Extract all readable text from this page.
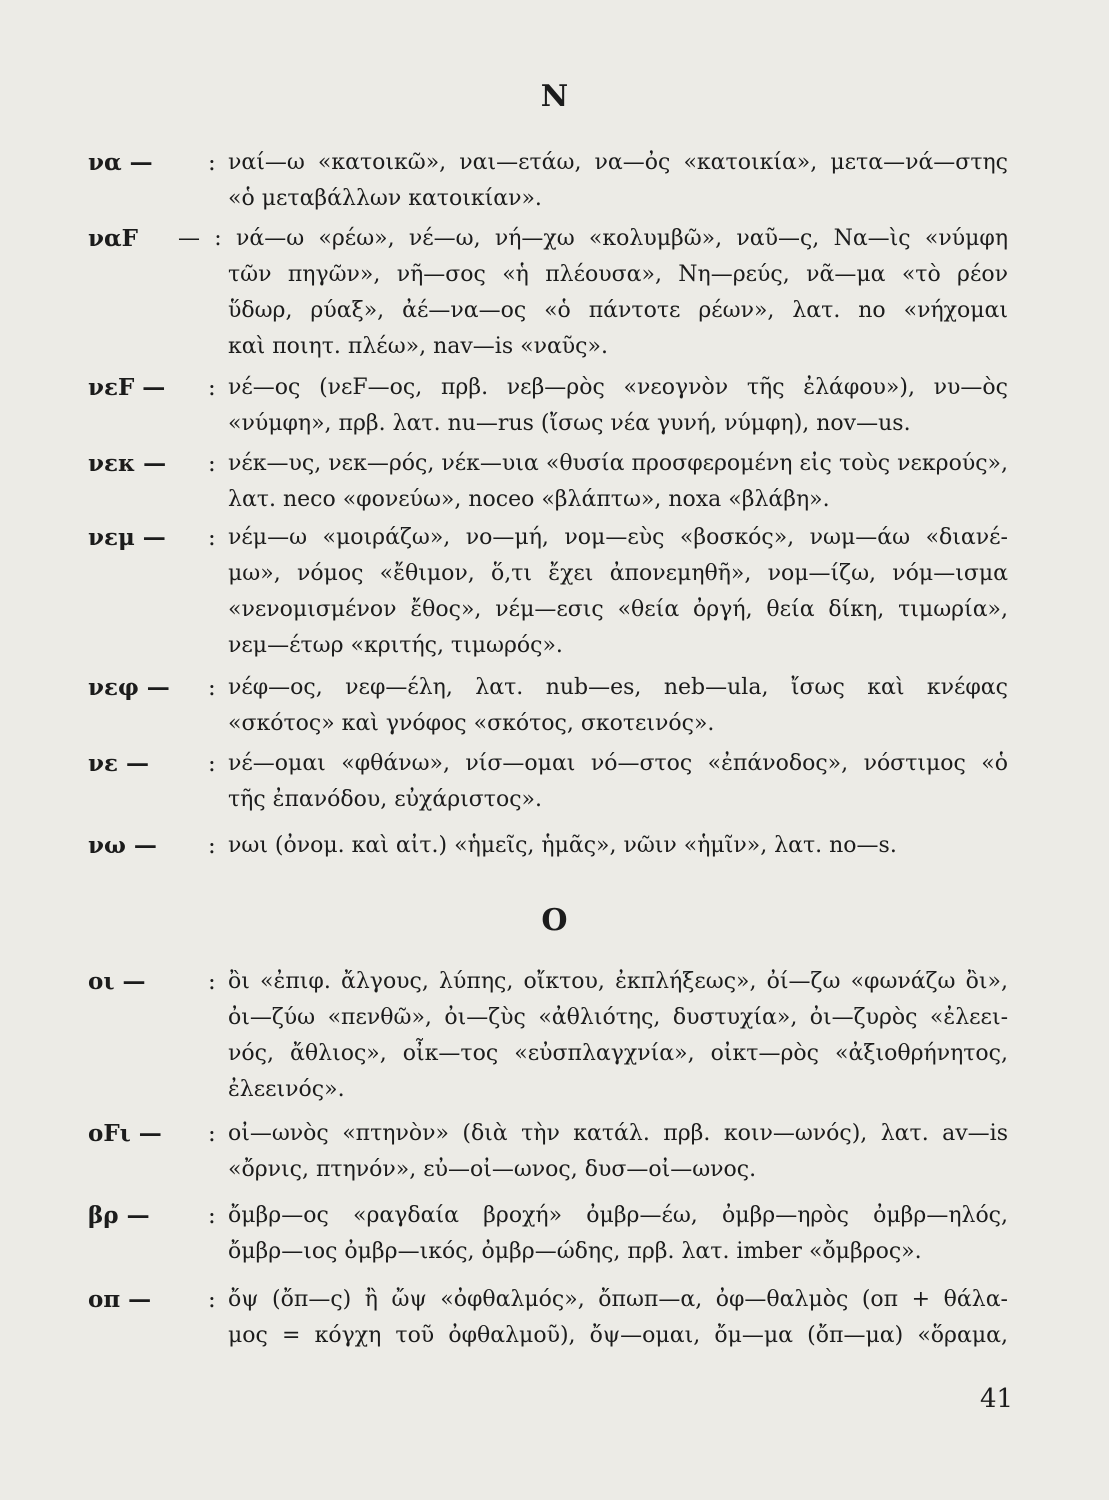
N
να —	: ναί—ω «κατοικῶ», ναι—ετάω, να—ὀς «κατοικία», μετα—νά—στης
«ὁ μεταβάλλων κατοικίαν».
ναF	— : νά—ω «ρέω», νέ—ω, νή—χω «κολυμβῶ», ναῦ—ς, Να—ὶς «νύμφη
τῶν πηγῶν», νῆ—σος «ἡ πλέουσα», Νη—ρεύς, νᾶ—μα «τὸ ρέον
ὕδωρ, ρύαξ», ἀέ—να—ος «ὁ πάντοτε ρέων», λατ. no «νήχομαι
καὶ ποιητ. πλέω», nav—is «ναῦς».
νεF —	: νέ—ος (νεF—ος, πρβ. νεβ—ρὸς «νεογνὸν τῆς ἐλάφου»), νυ—ὸς
«νύμφη», πρβ. λατ. nu—rus (ἴσως νέα γυνή, νύμφη), nov—us.
νεκ —	: νέκ—υς, νεκ—ρός, νέκ—υια «θυσία προσφερομένη εἰς τοὺς νεκρούς»,
λατ. neco «φονεύω», noceo «βλάπτω», noxa «βλάβη».
νεμ —	: νέμ—ω «μοιράζω», νο—μή, νομ—εὺς «βοσκός», νωμ—άω «διανέ-
μω», νόμος «ἔθιμον, ὅ,τι ἔχει ἀπονεμηθῆ», νομ—ίζω, νόμ—ισμα
«νενομισμένον ἔθος», νέμ—εσις «θεία ὀργή, θεία δίκη, τιμωρία»,
νεμ—έτωρ «κριτής, τιμωρός».
νεφ —	: νέφ—ος, νεφ—έλη, λατ. nub—es, neb—ula, ἴσως καὶ κνέφας
«σκότος» καὶ γνόφος «σκότος, σκοτεινός».
νε —	: νέ—ομαι «φθάνω», νίσ—ομαι νό—στος «ἐπάνοδος», νόστιμος «ὁ
τῆς ἐπανόδου, εὐχάριστος».
νω —	: νωι (ὀνομ. καὶ αἰτ.) «ἡμεῖς, ἡμᾶς», νῶιν «ἡμῖν», λατ. no—s.
O
οι —	: ὂι «ἐπιφ. ἄλγους, λύπης, οἴκτου, ἐκπλήξεως», ὀί—ζω «φωνάζω ὂι»,
ὀι—ζύω «πενθῶ», ὀι—ζὺς «ἀθλιότης, δυστυχία», ὀι—ζυρὸς «ἐλεει-
νός, ἄθλιος», οἶκ—τος «εὐσπλαγχνία», οἰκτ—ρὸς «ἀξιοθρήνητος,
ἐλεεινός».
οFι —	: οἰ—ωνὸς «πτηνὸν» (διὰ τὴν κατάλ. πρβ. κοιν—ωνός), λατ. av—is
«ὄρνις, πτηνόν», εὐ—οἰ—ωνος, δυσ—οἰ—ωνος.
βρ —	: ὄμβρ—ος «ραγδαία βροχή» ὀμβρ—έω, ὀμβρ—ηρὸς ὀμβρ—ηλός,
ὄμβρ—ιος ὀμβρ—ικός, ὀμβρ—ώδης, πρβ. λατ. imber «ὄμβρος».
οπ —	: ὄψ (ὄπ—ς) ἢ ὤψ «ὀφθαλμός», ὄπωπ—α, ὀφ—θαλμὸς (οπ + θάλα-
μος = κόγχη τοῦ ὀφθαλμοῦ), ὄψ—ομαι, ὄμ—μα (ὄπ—μα) «ὅραμα,
41
